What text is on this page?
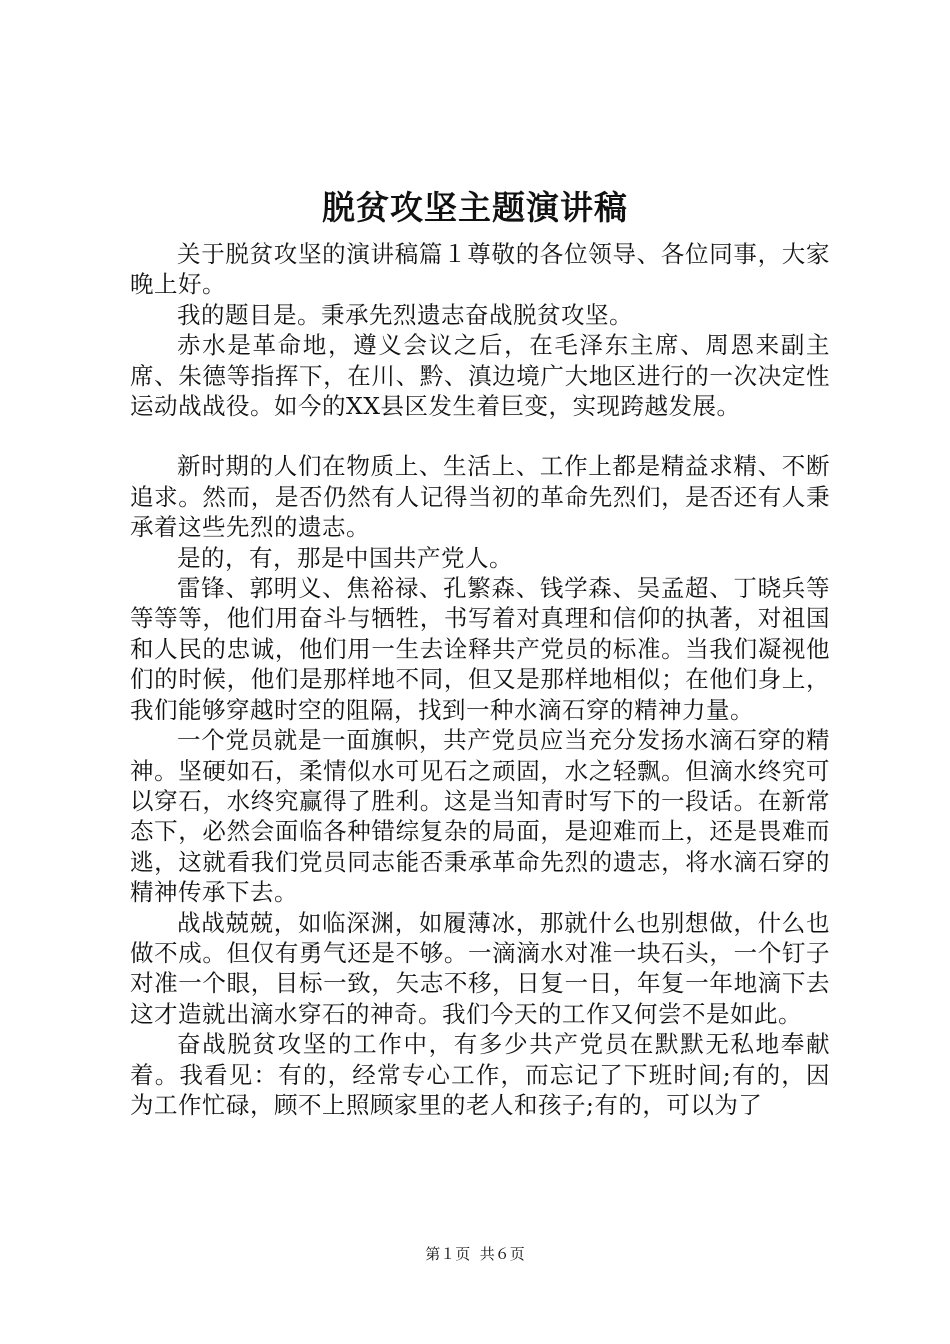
脱贫攻坚主题演讲稿

关于脱贫攻坚的演讲稿篇１尊敬的各位领导、各位同事，大家晚上好。

我的题目是。秉承先烈遗志奋战脱贫攻坚。

赤水是革命地，遵义会议之后，在毛泽东主席、周恩来副主席、朱德等指挥下，在川、黔、滇边境广大地区进行的一次决定性运动战战役。如今的XX县区发生着巨变，实现跨越发展。

新时期的人们在物质上、生活上、工作上都是精益求精、不断追求。然而，是否仍然有人记得当初的革命先烈们，是否还有人秉承着这些先烈的遗志。

是的，有，那是中国共产党人。

雷锋、郭明义、焦裕禄、孔繁森、钱学森、吴孟超、丁晓兵等等等等，他们用奋斗与牺牲，书写着对真理和信仰的执著，对祖国和人民的忠诚，他们用一生去诠释共产党员的标准。当我们凝视他们的时候，他们是那样地不同，但又是那样地相似；在他们身上，我们能够穿越时空的阻隔，找到一种水滴石穿的精神力量。

一个党员就是一面旗帜，共产党员应当充分发扬水滴石穿的精神。坚硬如石，柔情似水可见石之顽固，水之轻飘。但滴水终究可以穿石，水终究赢得了胜利。这是当知青时写下的一段话。在新常态下，必然会面临各种错综复杂的局面，是迎难而上，还是畏难而逃，这就看我们党员同志能否秉承革命先烈的遗志，将水滴石穿的精神传承下去。

战战兢兢，如临深渊，如履薄冰，那就什么也别想做，什么也做不成。但仅有勇气还是不够。一滴滴水对准一块石头，一个钉子对准一个眼，目标一致，矢志不移，日复一日，年复一年地滴下去这才造就出滴水穿石的神奇。我们今天的工作又何尝不是如此。

奋战脱贫攻坚的工作中，有多少共产党员在默默无私地奉献着。我看见：有的，经常专心工作，而忘记了下班时间;有的，因为工作忙碌，顾不上照顾家里的老人和孩子;有的，可以为了

第１页  共６页
